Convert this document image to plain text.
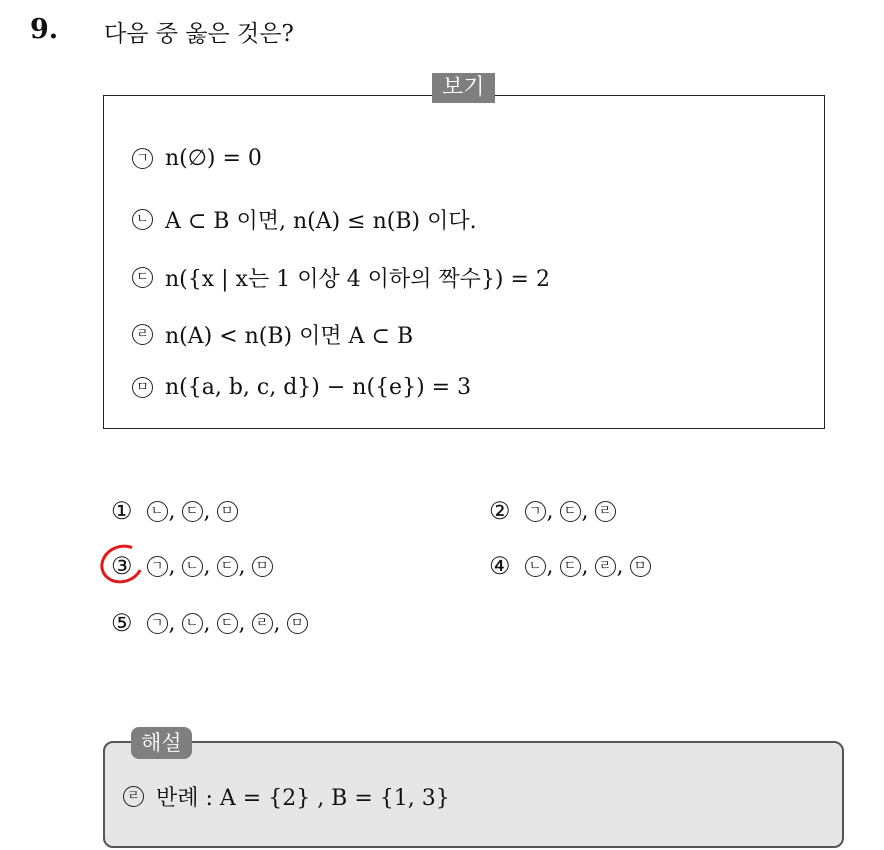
9. 다음 중 옳은 것은?
보기
ㄱ n(∅) = 0
ㄴ A ⊂ B 이면, n(A) ≤ n(B) 이다.
ㄷ n({x | x는 1 이상 4 이하의 짝수}) = 2
ㄹ n(A) < n(B) 이면 A ⊂ B
ㅁ n({a, b, c, d}) − n({e}) = 3
①	ㄴ , ㄷ , ㅁ	②	ㄱ , ㄷ , ㄹ
③	ㄱ , ㄴ , ㄷ , ㅁ	④	ㄴ , ㄷ , ㄹ , ㅁ
⑤	ㄱ , ㄴ , ㄷ , ㄹ , ㅁ
해설
ㄹ 반례 : A = {2} , B = {1, 3}
